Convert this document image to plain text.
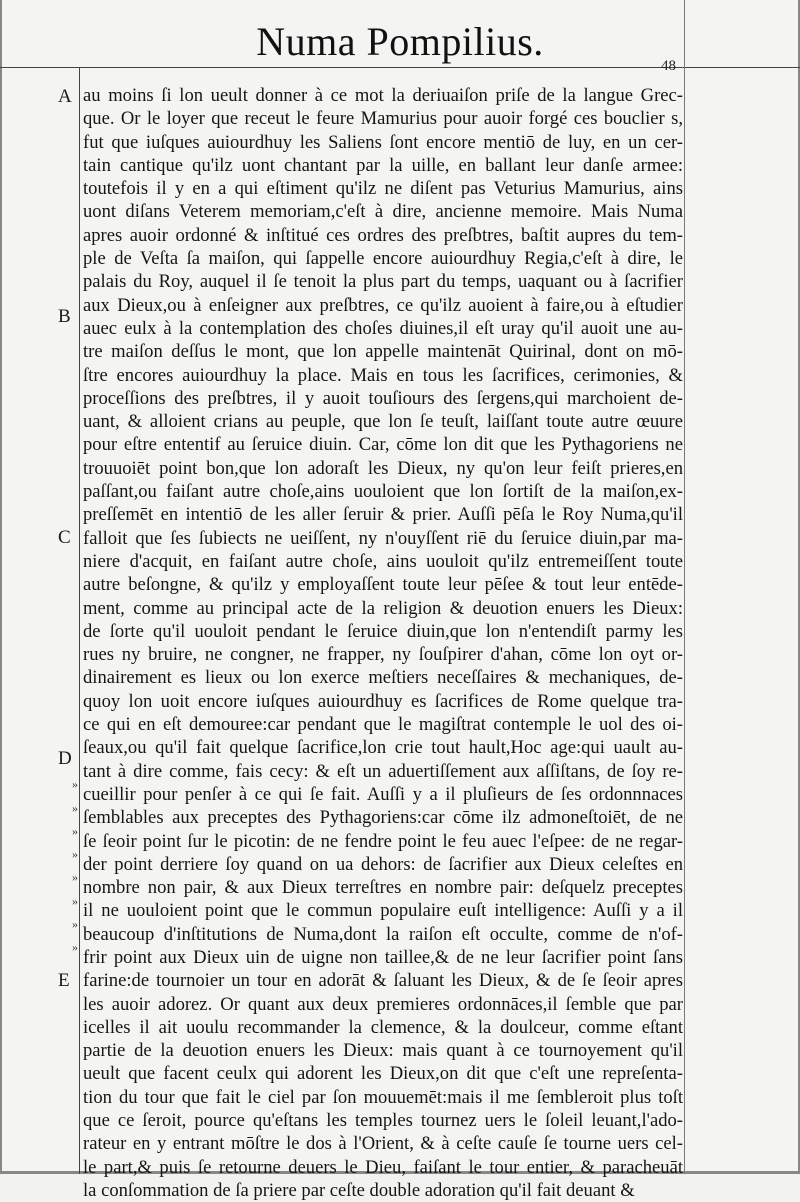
Numa Pompilius.
48
A
B
C
D
E
»
»
»
»
»
»
»
»
au moins ſi lon ueult donner à ce mot la deriuaiſon priſe de la langue Grec-
que. Or le loyer que receut le feure Mamurius pour auoir forgé ces bouclier s,
fut que iuſques auiourdhuy les Saliens ſont encore mentiō de luy, en un cer-
tain cantique qu'ilz uont chantant par la uille, en ballant leur danſe armee:
toutefois il y en a qui eſtiment qu'ilz ne diſent pas Veturius Mamurius, ains
uont diſans Veterem memoriam,c'eſt à dire, ancienne memoire. Mais Numa
apres auoir ordonné & inſtitué ces ordres des preſbtres, baſtit aupres du tem-
ple de Veſta ſa maiſon, qui ſappelle encore auiourdhuy Regia,c'eſt à dire, le
palais du Roy, auquel il ſe tenoit la plus part du temps, uaquant ou à ſacrifier
aux Dieux,ou à enſeigner aux preſbtres, ce qu'ilz auoient à faire,ou à eſtudier
auec eulx à la contemplation des choſes diuines,il eſt uray qu'il auoit une au-
tre maiſon deſſus le mont, que lon appelle maintenāt Quirinal, dont on mō-
ſtre encores auiourdhuy la place. Mais en tous les ſacrifices, cerimonies, &
proceſſions des preſbtres, il y auoit touſiours des ſergens,qui marchoient de-
uant, & alloient crians au peuple, que lon ſe teuſt, laiſſant toute autre œuure
pour eſtre ententif au ſeruice diuin. Car, cōme lon dit que les Pythagoriens ne
trouuoiēt point bon,que lon adoraſt les Dieux, ny qu'on leur feiſt prieres,en
paſſant,ou faiſant autre choſe,ains uouloient que lon ſortiſt de la maiſon,ex-
preſſemēt en intentiō de les aller ſeruir & prier. Auſſi pēſa le Roy Numa,qu'il
falloit que ſes ſubiects ne ueiſſent, ny n'ouyſſent riē du ſeruice diuin,par ma-
niere d'acquit, en faiſant autre choſe, ains uouloit qu'ilz entremeiſſent toute
autre beſongne, & qu'ilz y employaſſent toute leur pēſee & tout leur entēde-
ment, comme au principal acte de la religion & deuotion enuers les Dieux:
de ſorte qu'il uouloit pendant le ſeruice diuin,que lon n'entendiſt parmy les
rues ny bruire, ne congner, ne frapper, ny ſouſpirer d'ahan, cōme lon oyt or-
dinairement es lieux ou lon exerce meſtiers neceſſaires & mechaniques, de-
quoy lon uoit encore iuſques auiourdhuy es ſacrifices de Rome quelque tra-
ce qui en eſt demouree:car pendant que le magiſtrat contemple le uol des oi-
ſeaux,ou qu'il fait quelque ſacrifice,lon crie tout hault,Hoc age:qui uault au-
tant à dire comme, fais cecy: & eſt un aduertiſſement aux aſſiſtans, de ſoy re-
cueillir pour penſer à ce qui ſe fait. Auſſi y a il pluſieurs de ſes ordonnnaces
ſemblables aux preceptes des Pythagoriens:car cōme ilz admoneſtoiēt, de ne
ſe ſeoir point ſur le picotin: de ne fendre point le feu auec l'eſpee: de ne regar-
der point derriere ſoy quand on ua dehors: de ſacrifier aux Dieux celeſtes en
nombre non pair, & aux Dieux terreſtres en nombre pair: deſquelz preceptes
il ne uouloient point que le commun populaire euſt intelligence: Auſſi y a il
beaucoup d'inſtitutions de Numa,dont la raiſon eſt occulte, comme de n'of-
frir point aux Dieux uin de uigne non taillee,& de ne leur ſacrifier point ſans
farine:de tournoier un tour en adorāt & ſaluant les Dieux, & de ſe ſeoir apres
les auoir adorez. Or quant aux deux premieres ordonnāces,il ſemble que par
icelles il ait uoulu recommander la clemence, & la doulceur, comme eſtant
partie de la deuotion enuers les Dieux: mais quant à ce tournoyement qu'il
ueult que facent ceulx qui adorent les Dieux,on dit que c'eſt une repreſenta-
tion du tour que fait le ciel par ſon mouuemēt:mais il me ſembleroit plus toſt
que ce ſeroit, pource qu'eſtans les temples tournez uers le ſoleil leuant,l'ado-
rateur en y entrant mōſtre le dos à l'Orient, & à ceſte cauſe ſe tourne uers cel-
le part,& puis ſe retourne deuers le Dieu, faiſant le tour entier, & paracheuāt
la conſommation de ſa priere par ceſte double adoration qu'il fait deuant &
